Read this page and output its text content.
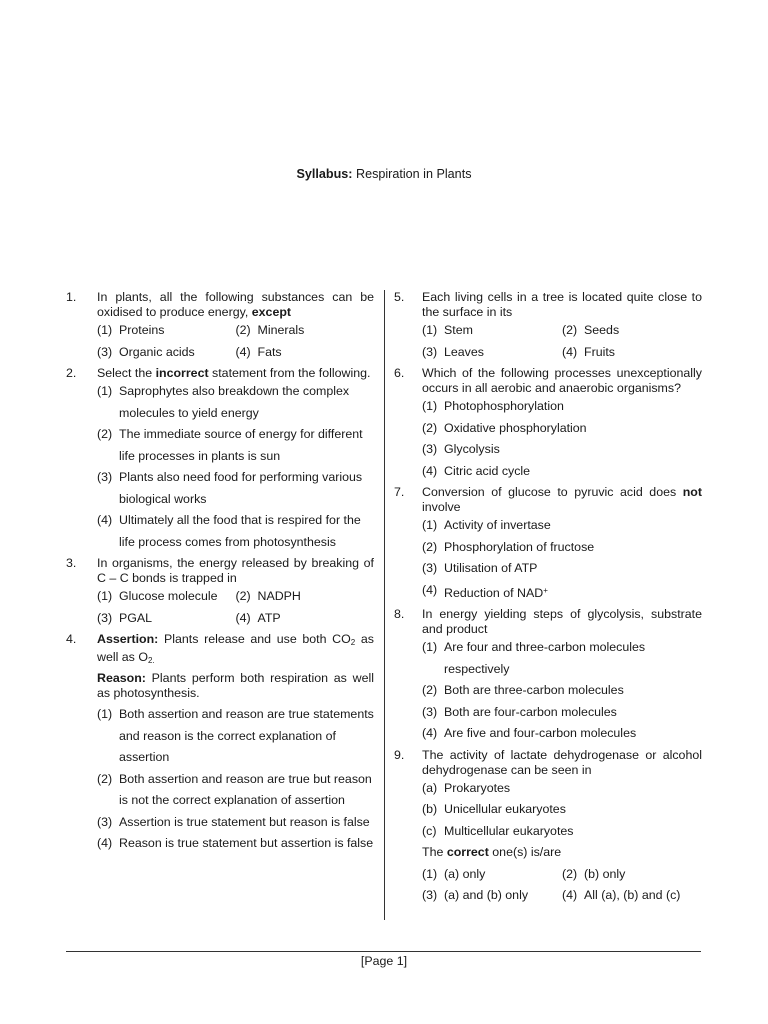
Syllabus: Respiration in Plants
1. In plants, all the following substances can be oxidised to produce energy, except
(1) Proteins	(2) Minerals
(3) Organic acids	(4) Fats
2. Select the incorrect statement from the following.
(1) Saprophytes also breakdown the complex molecules to yield energy
(2) The immediate source of energy for different life processes in plants is sun
(3) Plants also need food for performing various biological works
(4) Ultimately all the food that is respired for the life process comes from photosynthesis
3. In organisms, the energy released by breaking of C – C bonds is trapped in
(1) Glucose molecule (2) NADPH
(3) PGAL	(4) ATP
4. Assertion: Plants release and use both $CO_2$ as well as $O_{2.}$
Reason: Plants perform both respiration as well as photosynthesis.
(1) Both assertion and reason are true statements and reason is the correct explanation of assertion
(2) Both assertion and reason are true but reason is not the correct explanation of assertion
(3) Assertion is true statement but reason is false
(4) Reason is true statement but assertion is false
5. Each living cells in a tree is located quite close to the surface in its
(1) Stem	(2) Seeds
(3) Leaves	(4) Fruits
6. Which of the following processes unexceptionally occurs in all aerobic and anaerobic organisms?
(1) Photophosphorylation
(2) Oxidative phosphorylation
(3) Glycolysis
(4) Citric acid cycle
7. Conversion of glucose to pyruvic acid does not involve
(1) Activity of invertase
(2) Phosphorylation of fructose
(3) Utilisation of ATP
(4) Reduction of NAD+
8. In energy yielding steps of glycolysis, substrate and product
(1) Are four and three-carbon molecules respectively
(2) Both are three-carbon molecules
(3) Both are four-carbon molecules
(4) Are five and four-carbon molecules
9. The activity of lactate dehydrogenase or alcohol dehydrogenase can be seen in
(a) Prokaryotes
(b) Unicellular eukaryotes
(c) Multicellular eukaryotes
The correct one(s) is/are
(1) (a) only	(2) (b) only
(3) (a) and (b) only	(4) All (a), (b) and (c)
[Page 1]
